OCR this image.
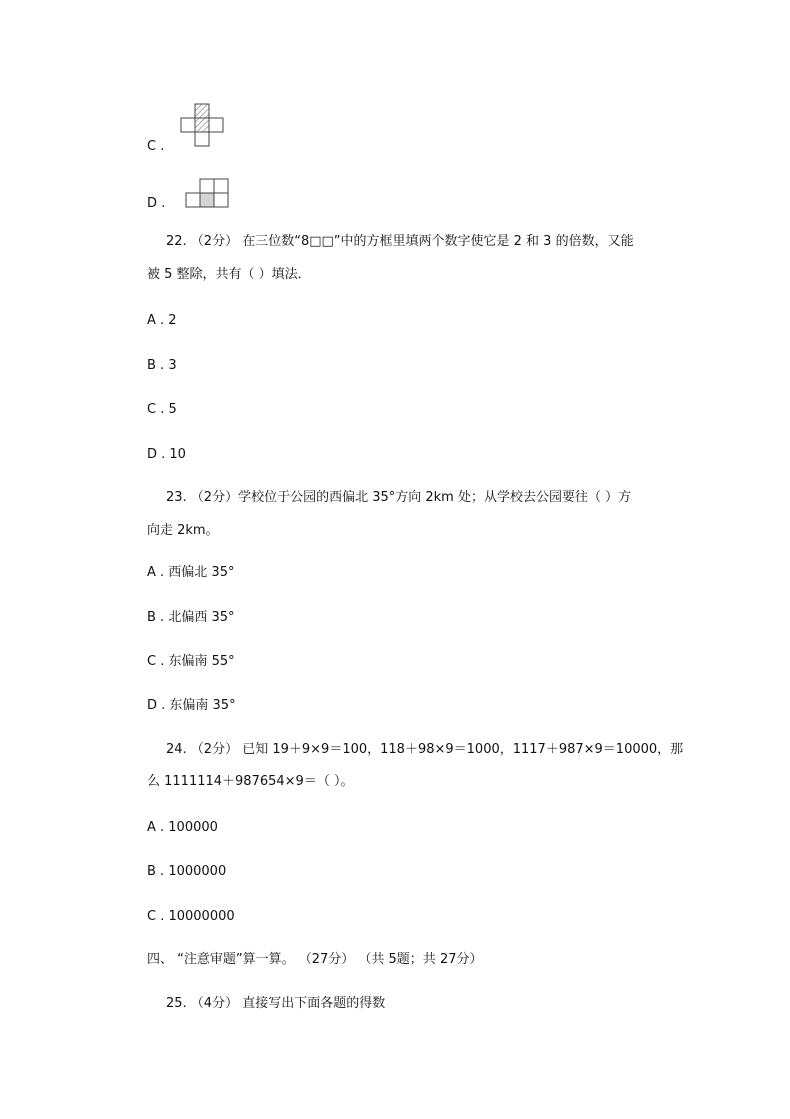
C .
D .
22. （2分） 在三位数“8□□”中的方框里填两个数字使它是 2 和 3 的倍数，又能
被 5 整除，共有（ ）填法．
A . 2
B . 3
C . 5
D . 10
23. （2分）学校位于公园的西偏北 35°方向 2km 处；从学校去公园要往（ ）方
向走 2km。
A . 西偏北 35°
B . 北偏西 35°
C . 东偏南 55°
D . 东偏南 35°
24. （2分） 已知 19＋9×9＝100，118＋98×9＝1000，1117＋987×9＝10000，那
么 1111114＋987654×9＝（ ）。
A . 100000
B . 1000000
C . 10000000
四、 “注意审题”算一算。 （27分） （共 5题；共 27分）
25. （4分） 直接写出下面各题的得数
